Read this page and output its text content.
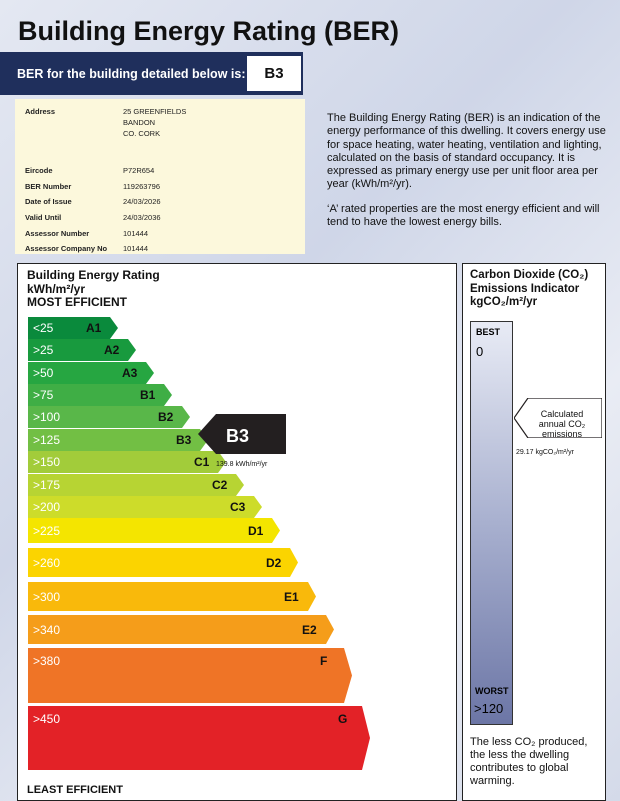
Building Energy Rating (BER)
BER for the building detailed below is:	B3
Address	25 GREENFIELDS
BANDON
CO. CORK
Eircode	P72R654
BER Number	119263796
Date of Issue	24/03/2026
Valid Until	24/03/2036
Assessor Number	101444
Assessor Company No 101444
The Building Energy Rating (BER) is an indication of the energy performance of this dwelling. It covers energy use for space heating, water heating, ventilation and lighting, calculated on the basis of standard occupancy. It is expressed as primary energy use per unit floor area per year (kWh/m²/yr).
‘A’ rated properties are the most energy efficient and will tend to have the lowest energy bills.
Building Energy Rating
kWh/m²/yr
MOST EFFICIENT
<25	A1
>25	A2
>50	A3
>75	B1
>100	B2
>125	B3
>150	C1
>175	C2
>200	C3
>225	D1
>260	D2
>300	E1
>340	E2
>380	F
>450	G
B3
139.8 kWh/m²/yr
LEAST EFFICIENT
Carbon Dioxide (CO₂)
Emissions Indicator
kgCO₂/m²/yr
BEST
0
WORST
>120
Calculated
annual CO₂
emissions
29.17 kgCO₂/m²/yr
The less CO₂ produced, the less the dwelling contributes to global warming.
